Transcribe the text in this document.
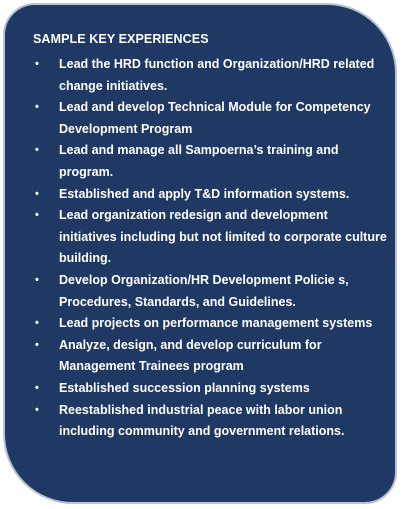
SAMPLE KEY EXPERIENCES
• Lead the HRD function and Organization/HRD related change initiatives.
• Lead and develop Technical Module for Competency Development Program
• Lead and manage all Sampoerna’s training and program.
• Established and apply T&D information systems.
• Lead organization redesign and development initiatives including but not limited to corporate culture building.
• Develop Organization/HR Development Policie s, Procedures, Standards, and Guidelines.
• Lead projects on performance management systems
• Analyze, design, and develop curriculum for Management Trainees program
• Established succession planning systems
• Reestablished industrial peace with labor union including community and government relations.
